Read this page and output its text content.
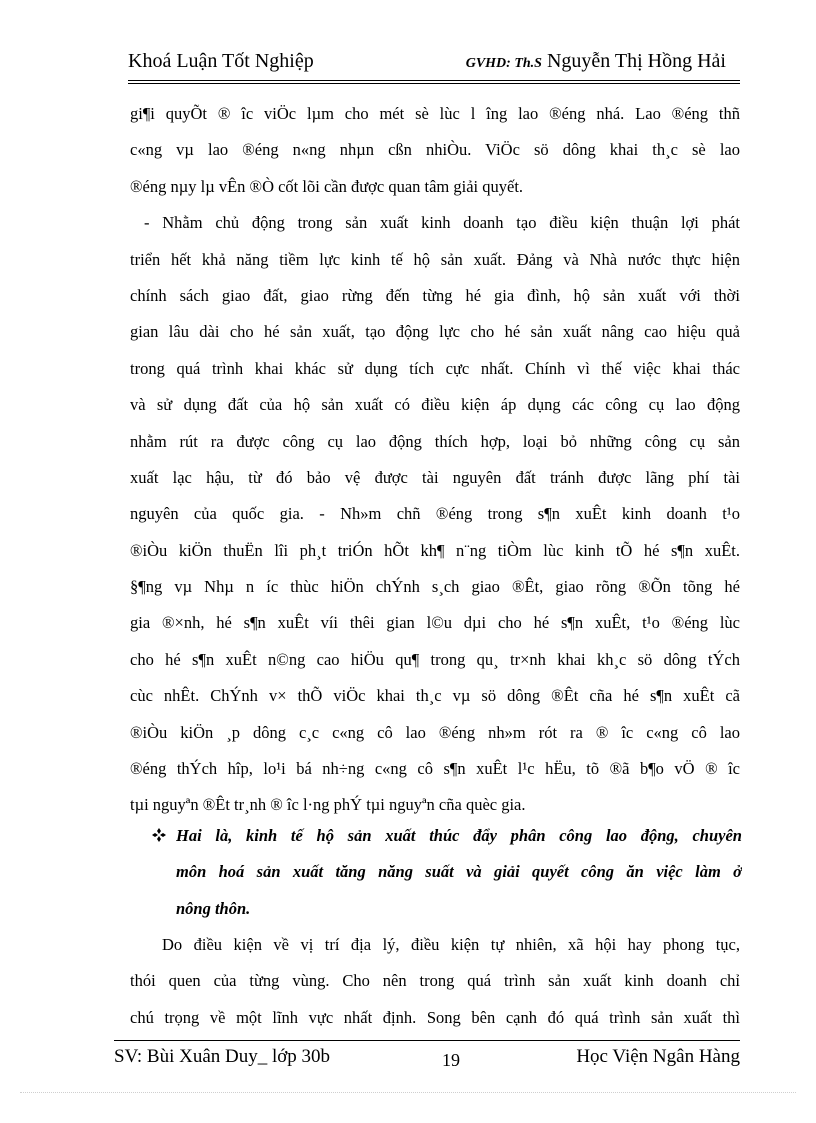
Khoá Luận Tốt Nghiệp	GVHD: Th.S Nguyễn Thị Hồng Hải
gi¶i quyÕt ® îc viÖc lµm cho mét sè lùc l îng lao ®éng nhá. Lao ®éng thñ
c«ng vµ lao ®éng n«ng nhµn cßn nhiÒu. ViÖc sö dông khai th¸c sè lao
®éng nµy lµ vÊn ®Ò cốt lõi cần được quan tâm giải quyết.
- Nhằm chủ động trong sản xuất kinh doanh tạo điều kiện thuận lợi phát
triển hết khả năng tiềm lực kinh tế hộ sản xuất. Đảng và Nhà nước thực hiện
chính sách giao đất, giao rừng đến từng hé gia đình, hộ sản xuất với thời
gian lâu dài cho hé sản xuất, tạo động lực cho hé sản xuất nâng cao hiệu quả
trong quá trình khai khác sử dụng tích cực nhất. Chính vì thế việc khai thác
và sử dụng đất của hộ sản xuất có điều kiện áp dụng các công cụ lao động
nhằm rút ra được công cụ lao động thích hợp, loại bỏ những công cụ sản
xuất lạc hậu, từ đó bảo vệ được tài nguyên đất tránh được lãng phí tài
nguyên của quốc gia. - Nh»m chñ ®éng trong s¶n xuÊt kinh doanh t¹o
®iÒu kiÖn thuËn lîi ph¸t triÓn hÕt kh¶ n¨ng tiÒm lùc kinh tÕ hé s¶n xuÊt.
§¶ng vµ Nhµ n íc thùc hiÖn chÝnh s¸ch giao ®Êt, giao rõng ®Õn tõng hé
gia ®×nh, hé s¶n xuÊt víi thêi gian l©u dµi cho hé s¶n xuÊt, t¹o ®éng lùc
cho hé s¶n xuÊt n©ng cao hiÖu qu¶ trong qu¸ tr×nh khai kh¸c sö dông tÝch
cùc nhÊt. ChÝnh v× thÕ viÖc khai th¸c vµ sö dông ®Êt cña hé s¶n xuÊt cã
®iÒu kiÖn ¸p dông c¸c c«ng cô lao ®éng nh»m rót ra ® îc c«ng cô lao
®éng thÝch hîp, lo¹i bá nh÷ng c«ng cô s¶n xuÊt l¹c hËu, tõ ®ã b¶o vÖ ® îc
tµi nguyªn ®Êt tr¸nh ® îc l·ng phÝ tµi nguyªn cña quèc gia.
Hai là, kinh tế hộ sản xuất thúc đẩy phân công lao động, chuyên
môn hoá sản xuất tăng năng suất và giải quyết công ăn việc làm ở
nông thôn.
Do điều kiện về vị trí địa lý, điều kiện tự nhiên, xã hội hay phong tục,
thói quen của từng vùng. Cho nên trong quá trình sản xuất kinh doanh chỉ
chú trọng về một lĩnh vực nhất định. Song bên cạnh đó quá trình sản xuất thì
SV: Bùi Xuân Duy_ lớp 30b	19	Học Viện Ngân Hàng
